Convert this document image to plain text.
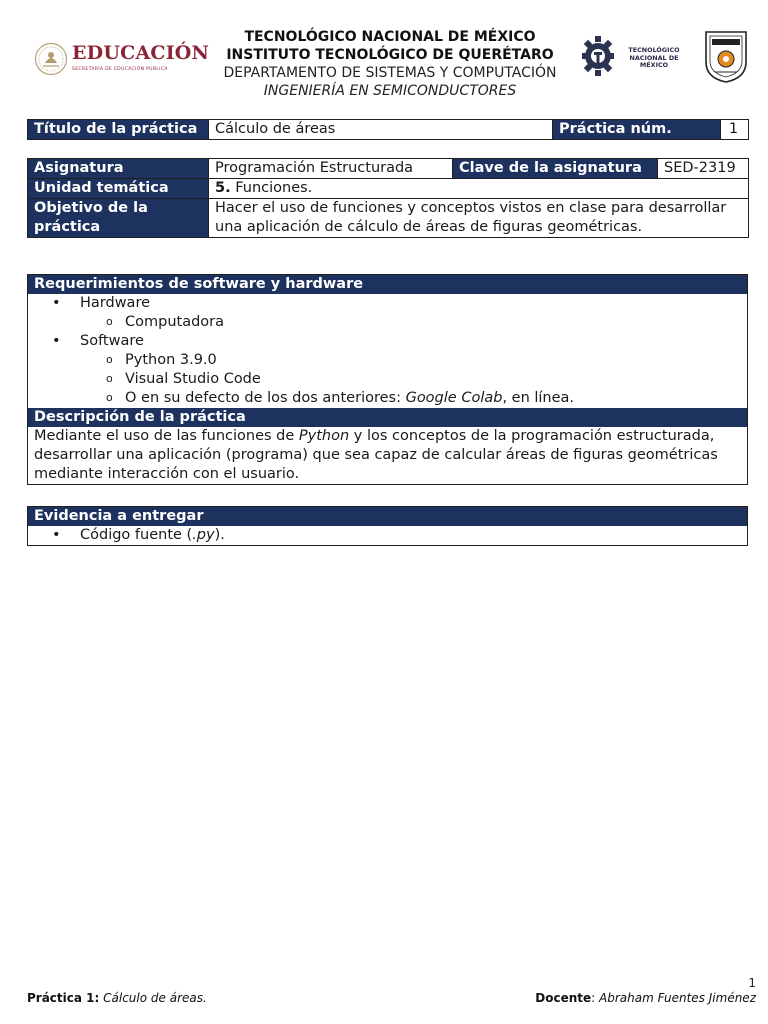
EDUCACIÓN
SECRETARÍA DE EDUCACIÓN PÚBLICA
TECNOLÓGICO NACIONAL DE MÉXICO
INSTITUTO TECNOLÓGICO DE QUERÉTARO
DEPARTAMENTO DE SISTEMAS Y COMPUTACIÓN
INGENIERÍA EN SEMICONDUCTORES
TECNOLÓGICO
NACIONAL DE MÉXICO
Título de la práctica	Cálculo de áreas	Práctica núm.	1
Asignatura	Programación Estructurada	Clave de la asignatura	SED-2319
Unidad temática	5. Funciones.		
Objetivo de la práctica	Hacer el uso de funciones y conceptos vistos en clase para desarrollar una aplicación de cálculo de áreas de figuras geométricas.		
Requerimientos de software y hardware
• Hardware
o Computadora
• Software
o Python 3.9.0
o Visual Studio Code
o O en su defecto de los dos anteriores: Google Colab, en línea.
Descripción de la práctica
Mediante el uso de las funciones de Python y los conceptos de la programación estructurada, desarrollar una aplicación (programa) que sea capaz de calcular áreas de figuras geométricas mediante interacción con el usuario.
Evidencia a entregar
• Código fuente (.py).
1
Práctica 1: Cálculo de áreas.	Docente: Abraham Fuentes Jiménez
